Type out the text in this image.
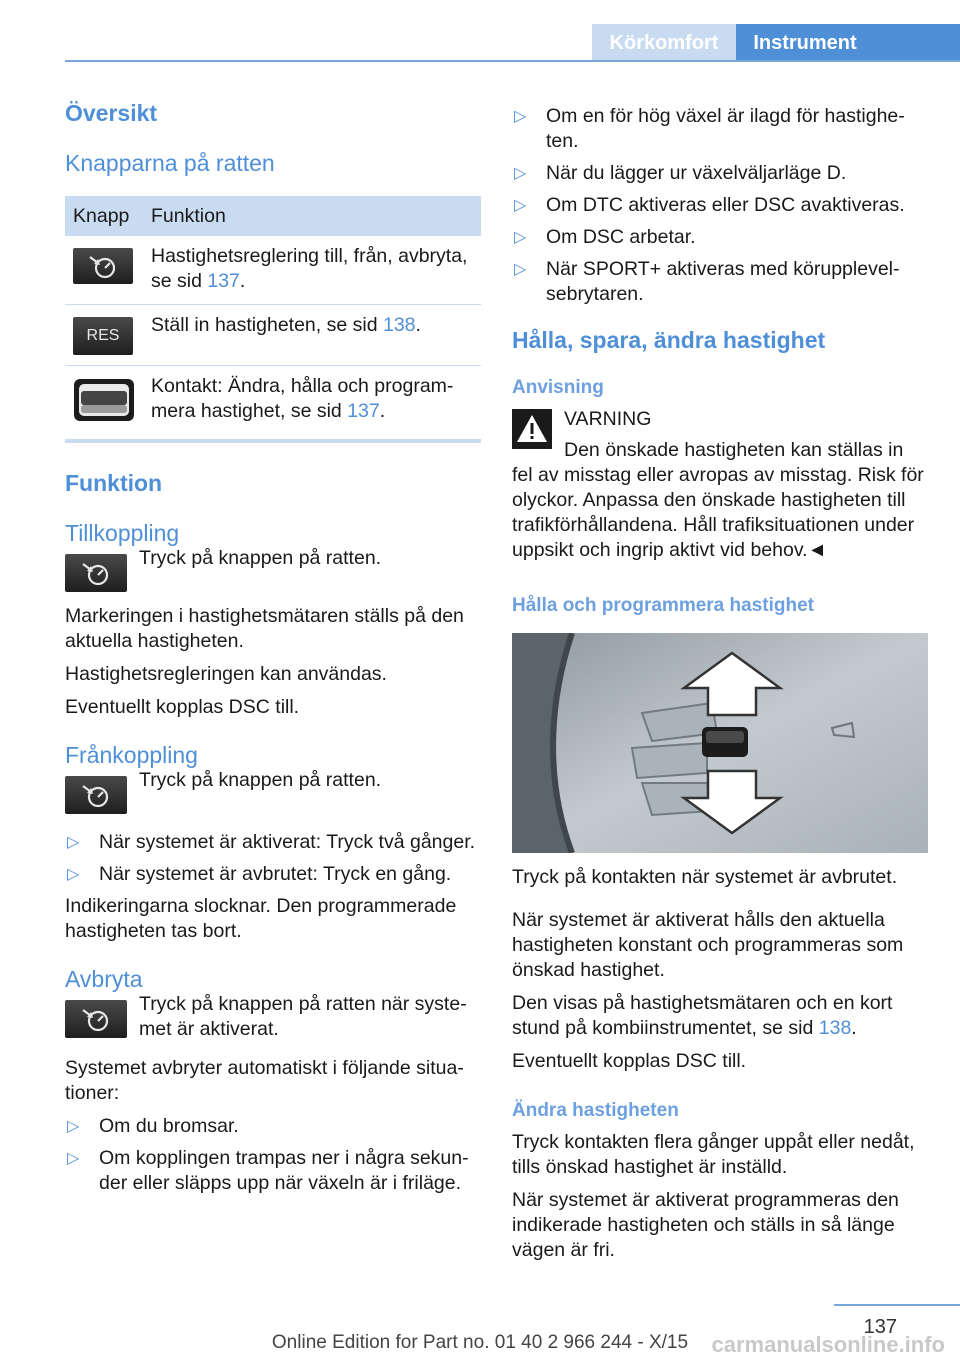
Körkomfort	Instrument
Översikt
Knapparna på ratten
Knapp	Funktion

	Hastighetsreglering till, från, avbryta, se sid 137.
RES	Ställ in hastigheten, se sid 138.
	Kontakt: Ändra, hålla och programmera hastighet, se sid 137.
Funktion
Tillkoppling

Tryck på knappen på ratten.

Markeringen i hastighetsmätaren ställs på den aktuella hastigheten.

Hastighetsregleringen kan användas.

Eventuellt kopplas DSC till.

Frånkoppling

Tryck på knappen på ratten.

▷ När systemet är aktiverat: Tryck två gånger.
▷ När systemet är avbrutet: Tryck en gång.

Indikeringarna slocknar. Den programmerade hastigheten tas bort.

Avbryta

Tryck på knappen på ratten när systemet är aktiverat.

Systemet avbryter automatiskt i följande situationer:

▷ Om du bromsar.
▷ Om kopplingen trampas ner i några sekunder eller släpps upp när växeln är i friläge.
▷ Om en för hög växel är ilagd för hastigheten.
▷ När du lägger ur växelväljarläge D.
▷ Om DTC aktiveras eller DSC avaktiveras.
▷ Om DSC arbetar.
▷ När SPORT+ aktiveras med körupplevelsebrytaren.
Hålla, spara, ändra hastighet
Anvisning

VARNING

Den önskade hastigheten kan ställas in fel av misstag eller avropas av misstag. Risk för olyckor. Anpassa den önskade hastigheten till trafikförhållandena. Håll trafiksituationen under uppsikt och ingrip aktivt vid behov.◄

Hålla och programmera hastighet

Tryck på kontakten när systemet är avbrutet.

När systemet är aktiverat hålls den aktuella hastigheten konstant och programmeras som önskad hastighet.

Den visas på hastighetsmätaren och en kort stund på kombiinstrumentet, se sid 138.

Eventuellt kopplas DSC till.

Ändra hastigheten

Tryck kontakten flera gånger uppåt eller nedåt, tills önskad hastighet är inställd.

När systemet är aktiverat programmeras den indikerade hastigheten och ställs in så länge vägen är fri.

137
Online Edition for Part no. 01 40 2 966 244 - X/15	carmanualsonline.info
